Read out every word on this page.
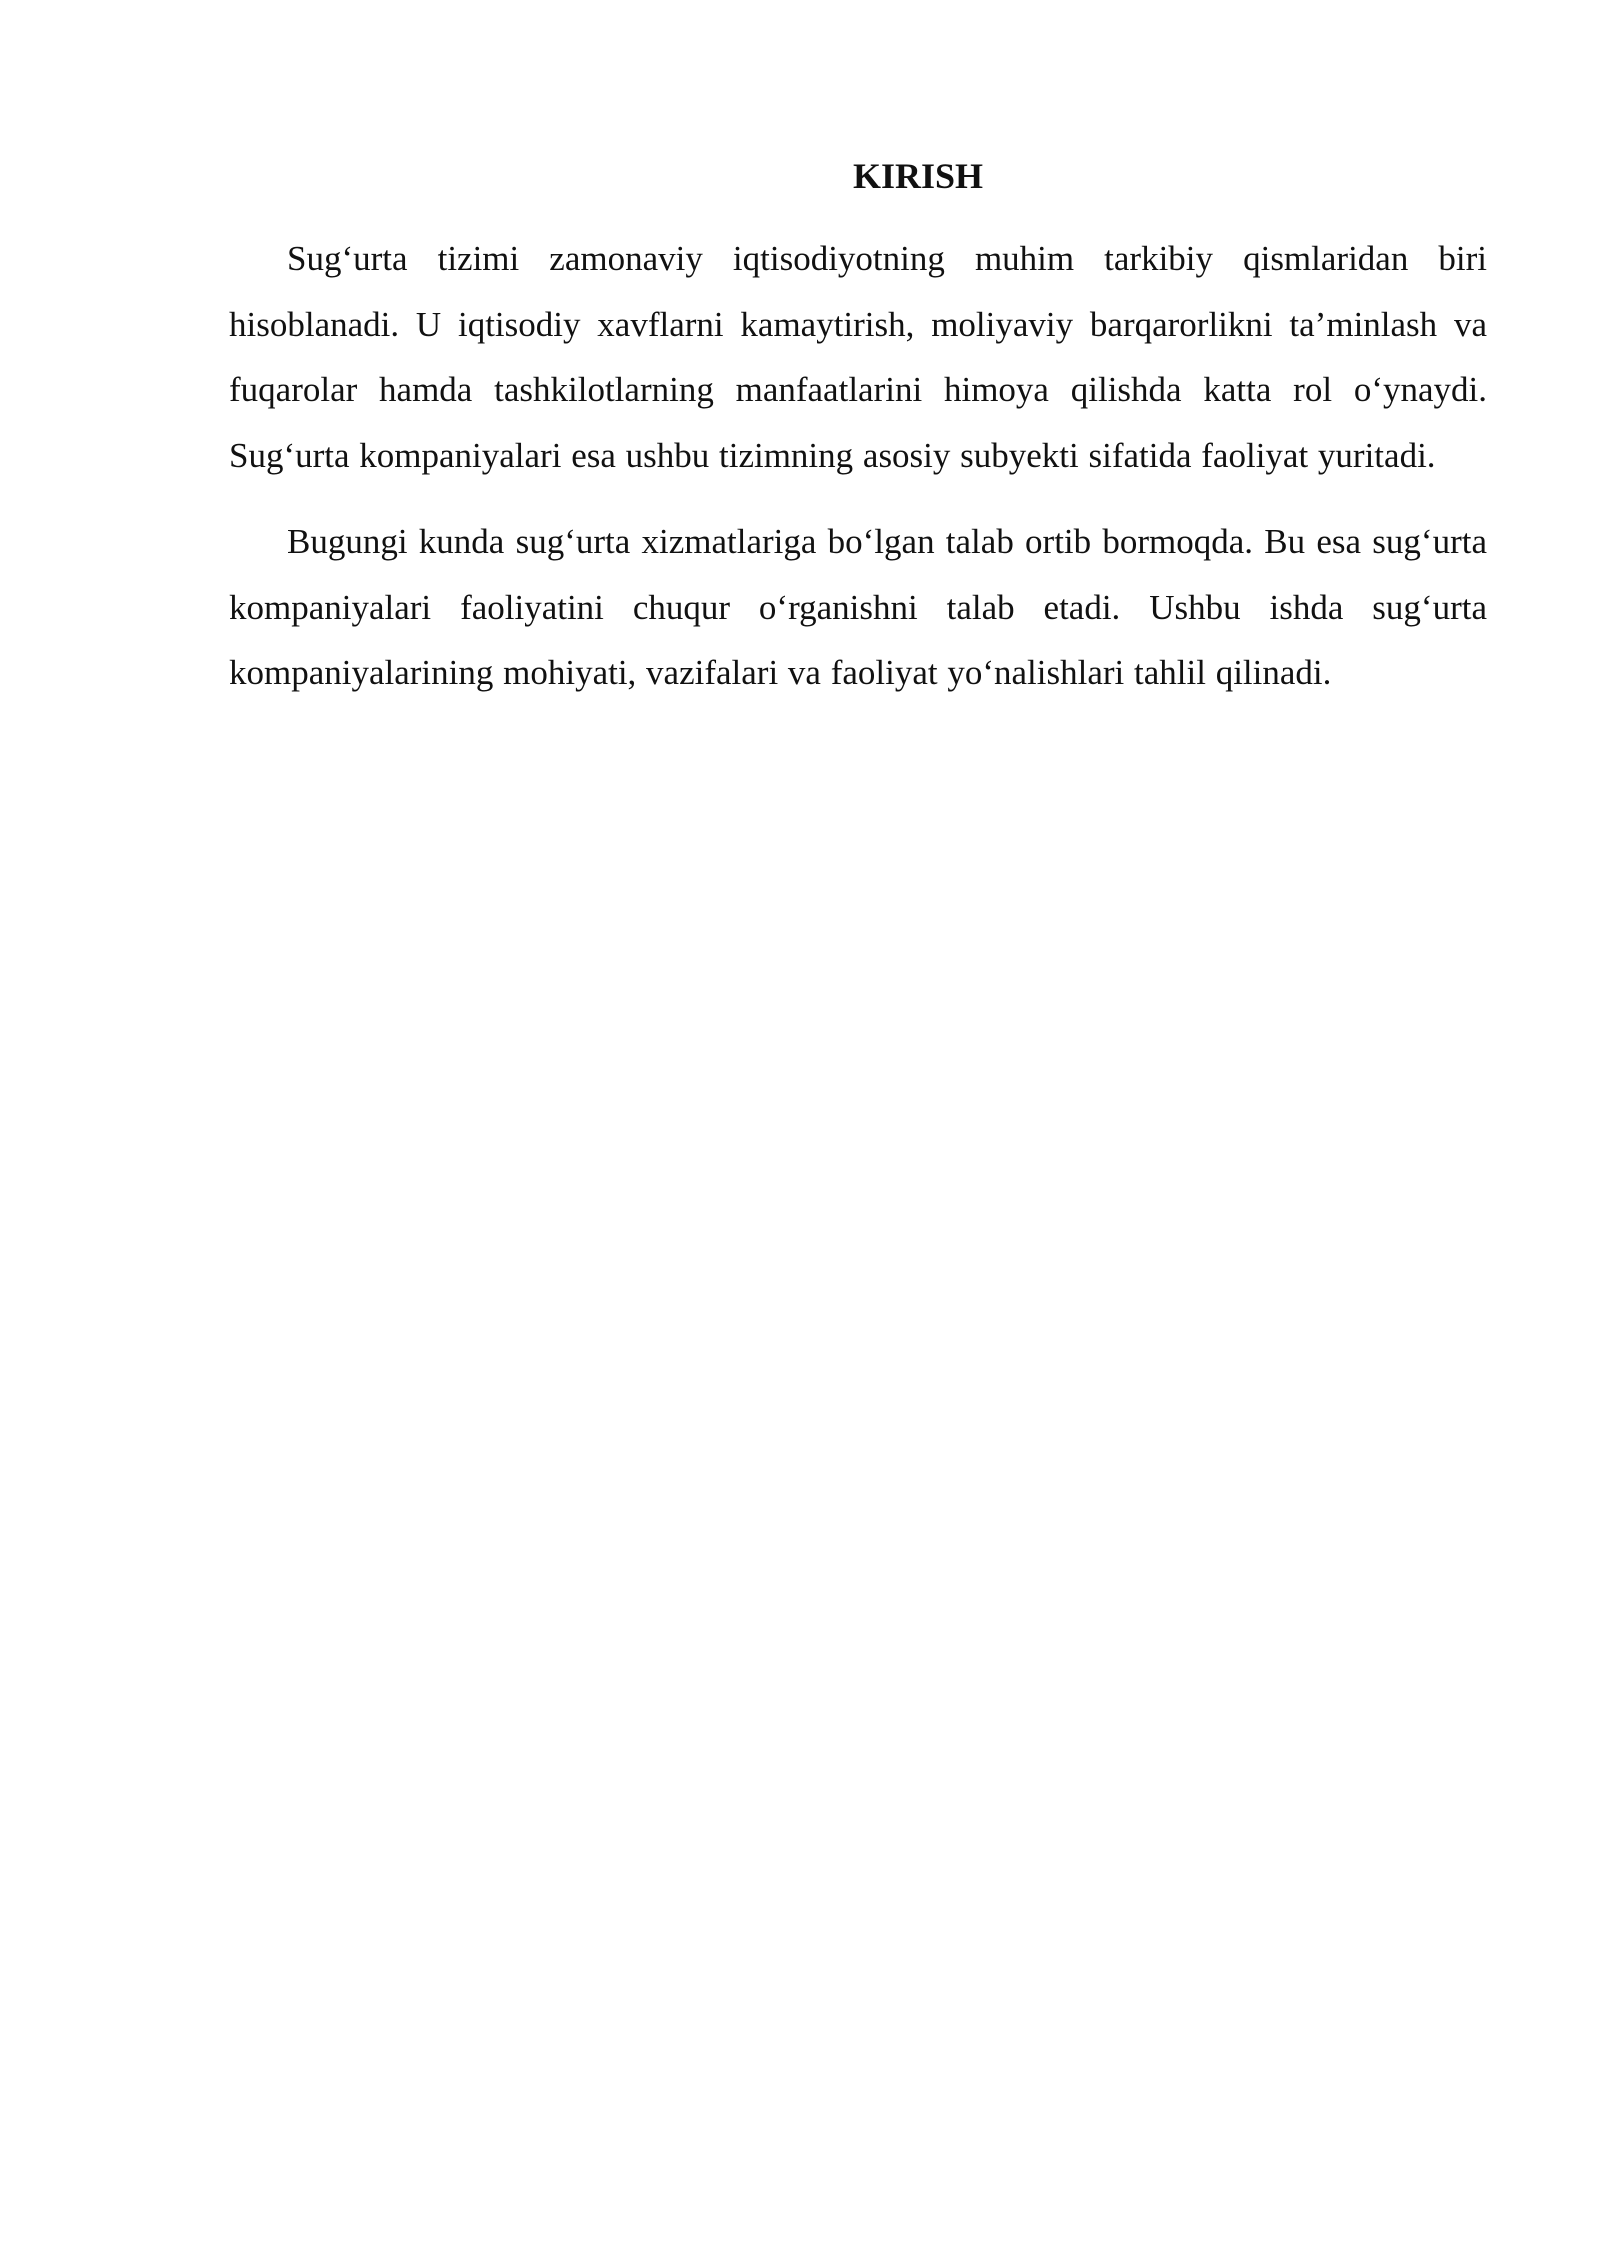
KIRISH

Sug‘urta tizimi zamonaviy iqtisodiyotning muhim tarkibiy qismlaridan biri hisoblanadi. U iqtisodiy xavflarni kamaytirish, moliyaviy barqarorlikni ta’minlash va fuqarolar hamda tashkilotlarning manfaatlarini himoya qilishda katta rol o‘ynaydi. Sug‘urta kompaniyalari esa ushbu tizimning asosiy subyekti sifatida faoliyat yuritadi.

Bugungi kunda sug‘urta xizmatlariga bo‘lgan talab ortib bormoqda. Bu esa sug‘urta kompaniyalari faoliyatini chuqur o‘rganishni talab etadi. Ushbu ishda sug‘urta kompaniyalarining mohiyati, vazifalari va faoliyat yo‘nalishlari tahlil qilinadi.
